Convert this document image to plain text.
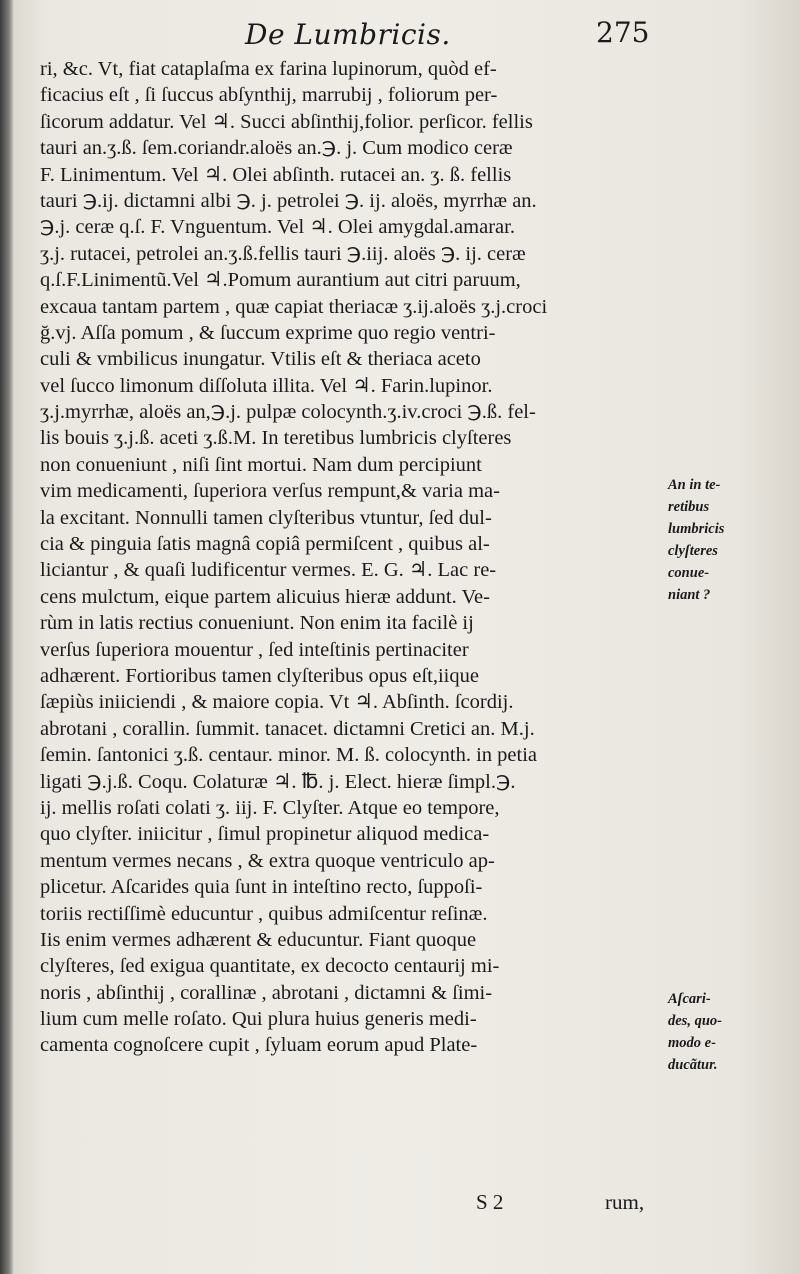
De Lumbricis.	275
ri, &c. Vt, fiat cataplaſma ex farina lupinorum, quòd ef-
ficacius eſt , ſi ſuccus abſynthij, marrubij , foliorum per-
ſicorum addatur. Vel ♃. Succi abſinthij,folior. perſicor. fellis
tauri an.ʒ.ß. ſem.coriandr.aloës an.℈. j. Cum modico ceræ
F. Linimentum. Vel ♃. Olei abſinth. rutacei an. ʒ. ß. fellis
tauri ℈.ij. dictamni albi ℈. j. petrolei ℈. ij. aloës, myrrhæ an.
℈.j. ceræ q.ſ. F. Vnguentum. Vel ♃. Olei amygdal.amarar.
ʒ.j. rutacei, petrolei an.ʒ.ß.fellis tauri ℈.iij. aloës ℈. ij. ceræ
q.ſ.F.Linimentũ.Vel ♃.Pomum aurantium aut citri paruum,
excaua tantam partem , quæ capiat theriacæ ʒ.ij.aloës ʒ.j.croci
ğ.vj. Aſſa pomum , & ſuccum exprime quo regio ventri-
culi & vmbilicus inungatur. Vtilis eſt & theriaca aceto
vel ſucco limonum diſſoluta illita. Vel ♃. Farin.lupinor.
ʒ.j.myrrhæ, aloës an,℈.j. pulpæ colocynth.ʒ.iv.croci ℈.ß. fel-
lis bouis ʒ.j.ß. aceti ʒ.ß.M. In teretibus lumbricis clyſteres
non conueniunt , niſi ſint mortui. Nam dum percipiunt
vim medicamenti, ſuperiora verſus rempunt,& varia ma-
la excitant. Nonnulli tamen clyſteribus vtuntur, ſed dul-
cia & pinguia ſatis magnâ copiâ permiſcent , quibus al-
liciantur , & quaſi ludificentur vermes. E. G. ♃. Lac re-
cens mulctum, eique partem alicuius hieræ addunt. Ve-
rùm in latis rectius conueniunt. Non enim ita facilè ij
verſus ſuperiora mouentur , ſed inteſtinis pertinaciter
adhærent. Fortioribus tamen clyſteribus opus eſt,iique
ſæpiùs iniiciendi , & maiore copia. Vt ♃. Abſinth. ſcordij.
abrotani , corallin. ſummit. tanacet. dictamni Cretici an. M.j.
ſemin. ſantonici ʒ.ß. centaur. minor. M. ß. colocynth. in petia
ligati ℈.j.ß. Coqu. Colaturæ ♃. ℔. j. Elect. hieræ ſimpl.℈.
ij. mellis roſati colati ʒ. iij. F. Clyſter. Atque eo tempore,
quo clyſter. iniicitur , ſimul propinetur aliquod medica-
mentum vermes necans , & extra quoque ventriculo ap-
plicetur. Aſcarides quia ſunt in inteſtino recto, ſuppoſi-
toriis rectiſſimè educuntur , quibus admiſcentur reſinæ.
Iis enim vermes adhærent & educuntur. Fiant quoque
clyſteres, ſed exigua quantitate, ex decocto centaurij mi-
noris , abſinthij , corallinæ , abrotani , dictamni & ſimi-
lium cum melle roſato. Qui plura huius generis medi-
camenta cognoſcere cupit , ſyluam eorum apud Plate-
An in te-
retibus
lumbricis
clyſteres
conue-
niant ?
Aſcari-
des, quo-
modo e-
ducãtur.
S 2	rum,
